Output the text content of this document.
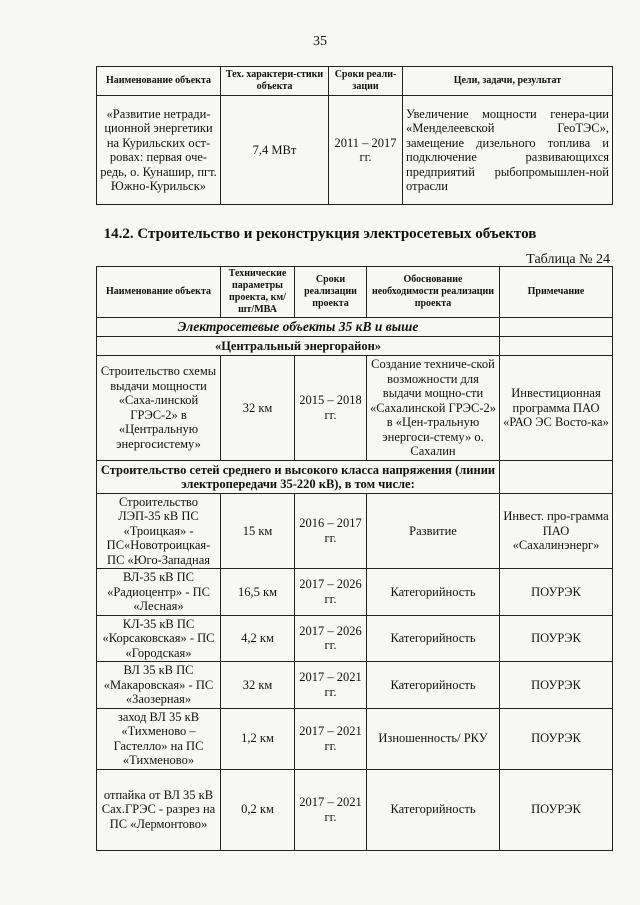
35
Наименование объекта	Тех. характери-стики объекта	Сроки реали-зации	Цели, задачи, результат
«Развитие нетради-ционной энергетики на Курильских ост-ровах: первая оче-редь, о. Кунашир, пгт. Южно-Курильск»	7,4 МВт	2011 – 2017 гг.	Увеличение мощности генера-ции «Менделеевской ГеоТЭС», замещение дизельного топлива и подключение развивающихся предприятий рыбопромышлен-ной отрасли
14.2. Строительство и реконструкция электросетевых объектов
Таблица № 24
Наименование объекта	Технические параметры проекта, км/шт/МВА	Сроки реализации проекта	Обоснование необходимости реализации проекта	Примечание
Электросетевые объекты 35 кВ и выше				
«Центральный энергорайон»				
Строительство схемы выдачи мощности «Саха-линской ГРЭС-2» в «Центральную энергосистему»	32 км	2015 – 2018 гг.	Создание техниче-ской возможности для выдачи мощно-сти «Сахалинской ГРЭС-2» в «Цен-тральную энергоси-стему» о. Сахалин	Инвестиционная программа ПАО «РАО ЭС Восто-ка»
Строительство сетей среднего и высокого класса напряжения (линии электропередачи 35-220 кВ), в том числе:				
Строительство ЛЭП-35 кВ ПС «Троицкая» - ПС«Новотроицкая- ПС «Юго-Западная	15 км	2016 – 2017 гг.	Развитие	Инвест. про-грамма ПАО «Сахалинэнерг»
ВЛ-35 кВ ПС «Радиоцентр» - ПС «Лесная»	16,5 км	2017 – 2026 гг.	Категорийность	ПОУРЭК
КЛ-35 кВ ПС «Корсаковская» - ПС «Городская»	4,2 км	2017 – 2026 гг.	Категорийность	ПОУРЭК
ВЛ 35 кВ ПС «Макаровская» - ПС «Заозерная»	32 км	2017 – 2021 гг.	Категорийность	ПОУРЭК
заход ВЛ 35 кВ «Тихменово – Гастелло» на ПС «Тихменово»	1,2 км	2017 – 2021 гг.	Изношенность/ РКУ	ПОУРЭК
отпайка от ВЛ 35 кВ Сах.ГРЭС - разрез на ПС «Лермонтово»	0,2 км	2017 – 2021 гг.	Категорийность	ПОУРЭК
